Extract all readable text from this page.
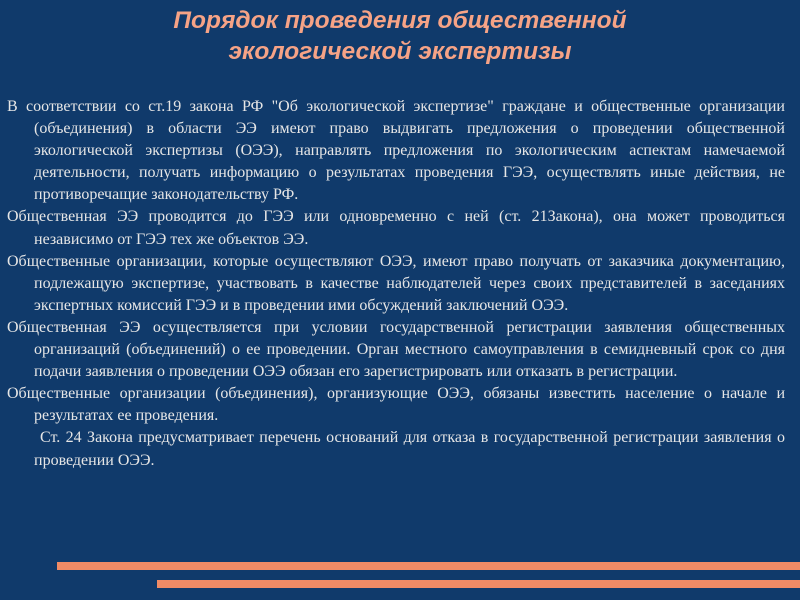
Порядок проведения общественной
экологической экспертизы

В соответствии со ст.19 закона РФ "Об экологической экспертизе" граждане и общественные организации (объединения) в области ЭЭ имеют право выдвигать предложения о проведении общественной экологической экспертизы (ОЭЭ), направлять предложения по экологическим аспектам намечаемой деятельности, получать информацию о результатах проведения ГЭЭ, осуществлять иные действия, не противоречащие законодательству РФ.

Общественная ЭЭ проводится до ГЭЭ или одновременно с ней (ст. 21Закона), она может проводиться независимо от ГЭЭ тех же объектов ЭЭ.

Общественные организации, которые осуществляют ОЭЭ, имеют право получать от заказчика документацию, подлежащую экспертизе, участвовать в качестве наблюдателей через своих представителей в заседаниях экспертных комиссий ГЭЭ и в проведении ими обсуждений заключений ОЭЭ.

Общественная ЭЭ осуществляется при условии государственной регистрации заявления общественных организаций (объединений) о ее проведении. Орган местного самоуправления в семидневный срок со дня подачи заявления о проведении ОЭЭ обязан его зарегистрировать или отказать в регистрации.

Общественные организации (объединения), организующие ОЭЭ, обязаны известить население о начале и результатах ее проведения.

Ст. 24 Закона предусматривает перечень оснований для отказа в государственной регистрации заявления о проведении ОЭЭ.
